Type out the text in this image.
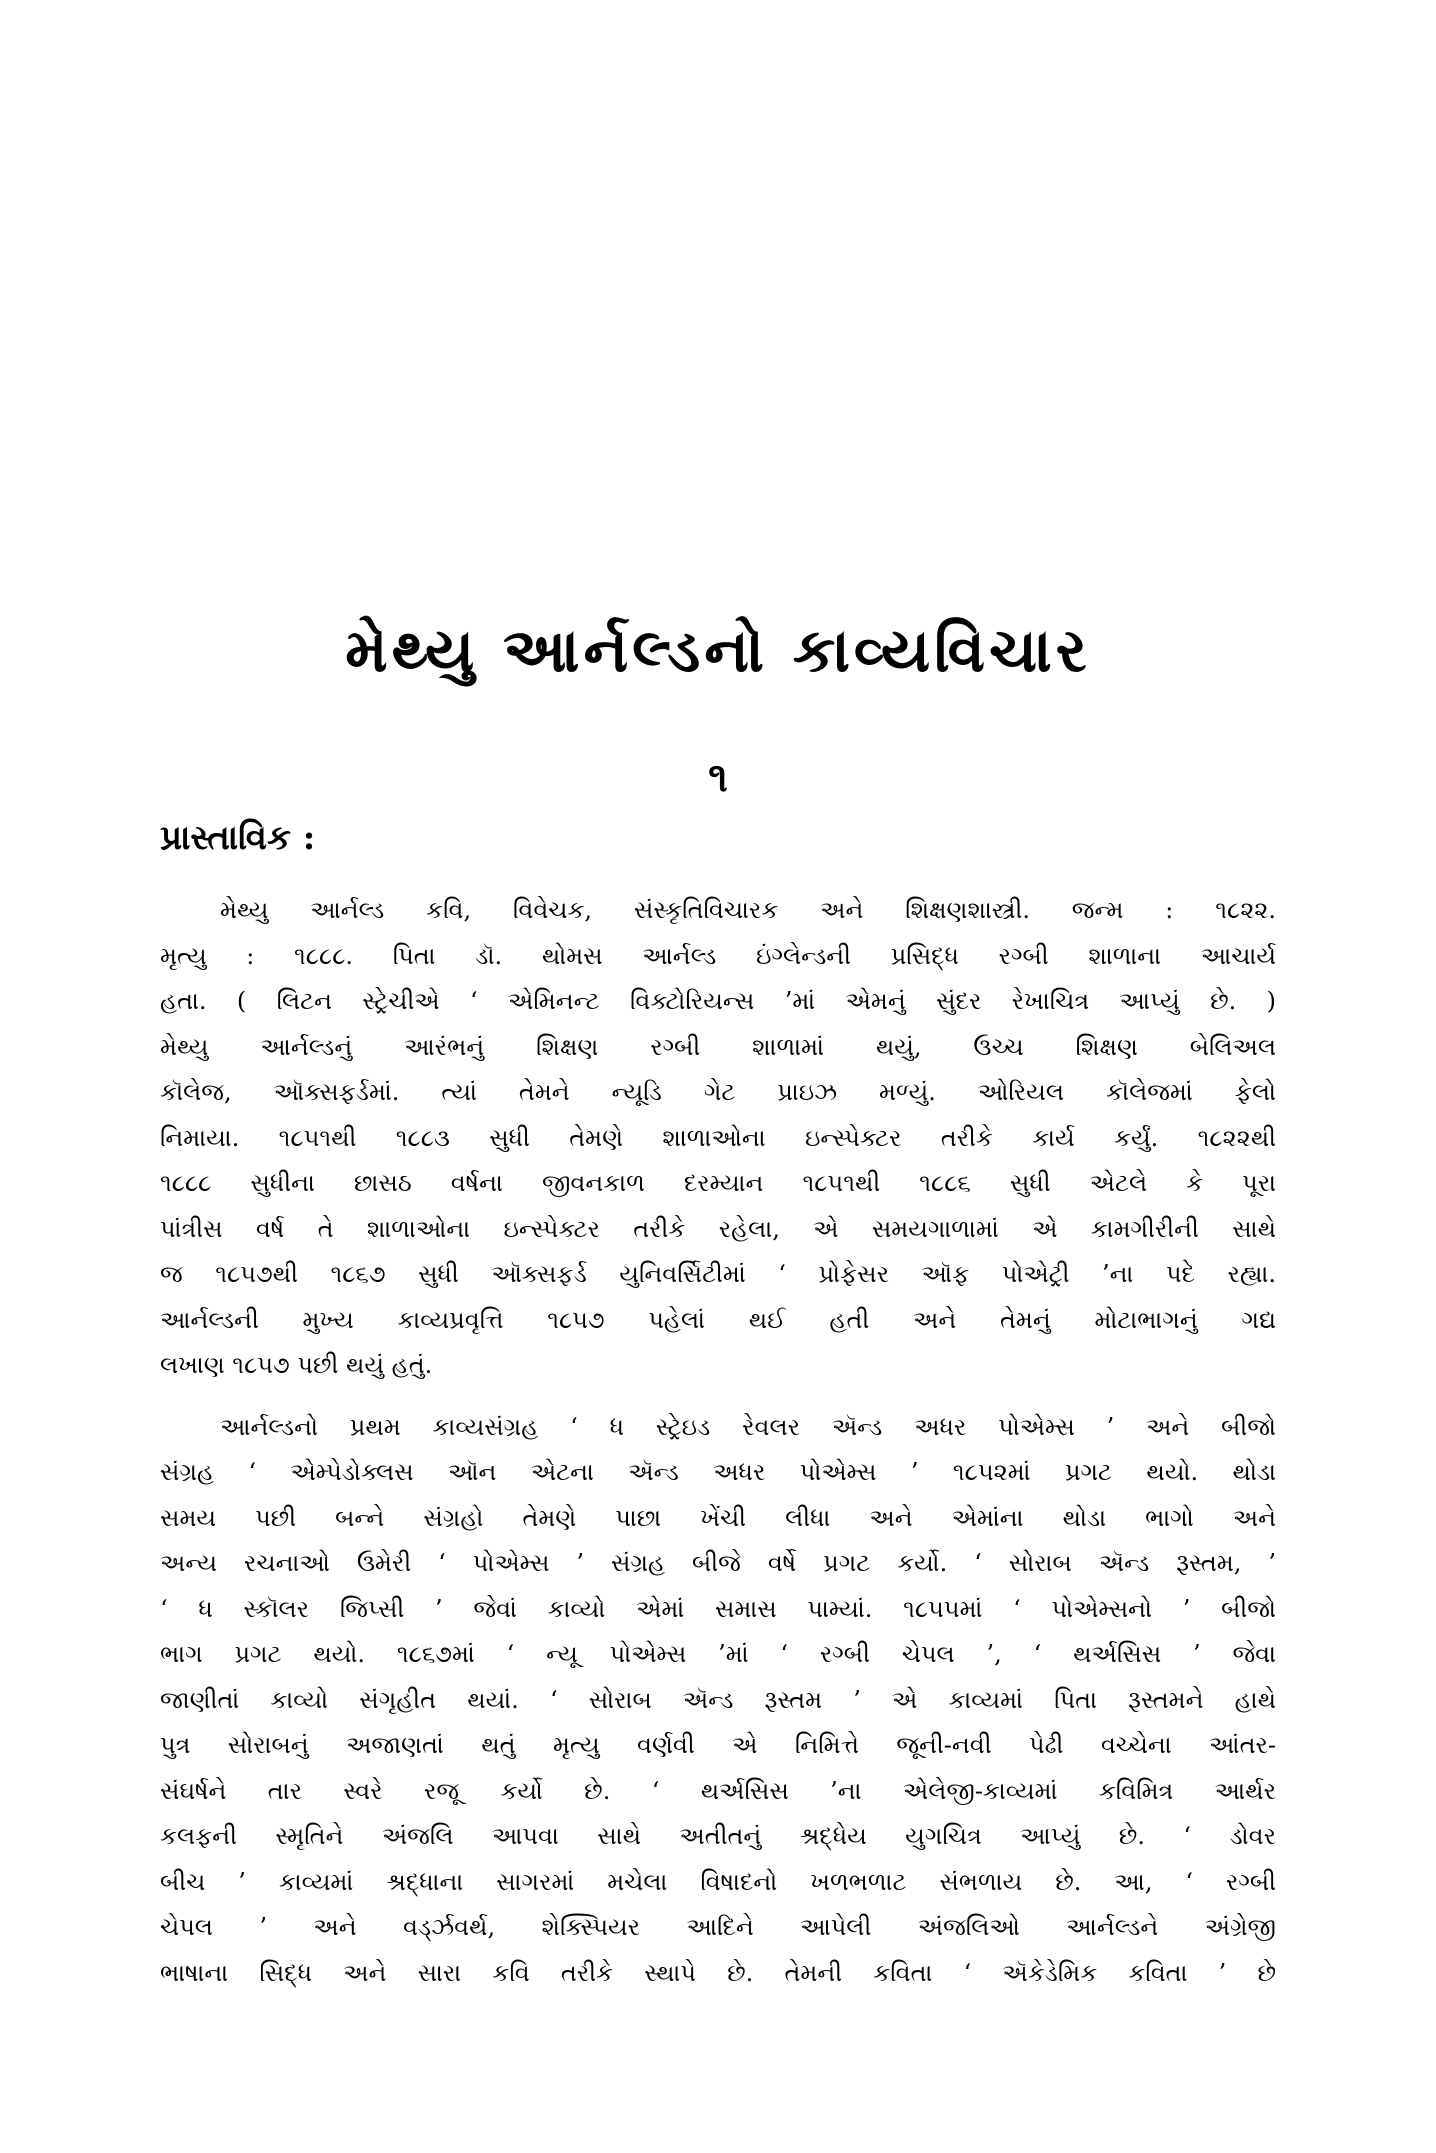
મેથ્યુ આર્નલ્ડનો કાવ્યવિચાર
૧
પ્રાસ્તાવિક :
મેથ્યુ આર્નલ્ડ કવિ, વિવેચક, સંસ્કૃતિવિચારક અને શિક્ષણશાસ્ત્રી. જન્મ : ૧૮૨૨.
મૃત્યુ : ૧૮૮૮. પિતા ડૉ. થોમસ આર્નલ્ડ ઇંગ્લેન્ડની પ્રસિદ્ધ રગ્બી શાળાના આચાર્ય
હતા. ( લિટન સ્ટ્રેચીએ ‘ એમિનન્ટ વિક્ટોરિયન્સ ’માં એમનું સુંદર રેખાચિત્ર આપ્યું છે. )
મેથ્યુ આર્નલ્ડનું આરંભનું શિક્ષણ રગ્બી શાળામાં થયું, ઉચ્ચ શિક્ષણ બેલિઅલ
કૉલેજ, ઑક્સફર્ડમાં. ત્યાં તેમને ન્યૂડિ ગેટ પ્રાઇઝ મળ્યું. ઓરિયલ કૉલેજમાં ફેલો
નિમાયા. ૧૮૫૧થી ૧૮૮૩ સુધી તેમણે શાળાઓના ઇન્સ્પેક્ટર તરીકે કાર્ય કર્યું. ૧૮૨૨થી
૧૮૮૮ સુધીના છાસઠ વર્ષના જીવનકાળ દરમ્યાન ૧૮૫૧થી ૧૮૮૬ સુધી એટલે કે પૂરા
પાંત્રીસ વર્ષ તે શાળાઓના ઇન્સ્પેક્ટર તરીકે રહેલા, એ સમયગાળામાં એ કામગીરીની સાથે
જ ૧૮૫૭થી ૧૮૬૭ સુધી ઑક્સફર્ડ યુનિવર્સિટીમાં ‘ પ્રોફેસર ઑફ પોએટ્રી ’ના પદે રહ્યા.
આર્નલ્ડની મુખ્ય કાવ્યપ્રવૃત્તિ ૧૮૫૭ પહેલાં થઈ હતી અને તેમનું મોટાભાગનું ગદ્ય
લખાણ ૧૮૫૭ પછી થયું હતું.
આર્નલ્ડનો પ્રથમ કાવ્યસંગ્રહ ‘ ધ સ્ટ્રેઇડ રેવલર ઍન્ડ અધર પોએમ્સ ’ અને બીજો
સંગ્રહ ‘ એમ્પેડોક્લસ ઑન એટના ઍન્ડ અધર પોએમ્સ ’ ૧૮૫૨માં પ્રગટ થયો. થોડા
સમય પછી બન્ને સંગ્રહો તેમણે પાછા ખેંચી લીધા અને એમાંના થોડા ભાગો અને
અન્ય રચનાઓ ઉમેરી ‘ પોએમ્સ ’ સંગ્રહ બીજે વર્ષે પ્રગટ કર્યો. ‘ સોરાબ ઍન્ડ રૂસ્તમ, ’
‘ ધ સ્કૉલર જિપ્સી ’ જેવાં કાવ્યો એમાં સમાસ પામ્યાં. ૧૮૫૫માં ‘ પોએમ્સનો ’ બીજો
ભાગ પ્રગટ થયો. ૧૮૬૭માં ‘ ન્યૂ પોએમ્સ ’માં ‘ રગ્બી ચેપલ ’, ‘ થર્અસિસ ’ જેવા
જાણીતાં કાવ્યો સંગૃહીત થયાં. ‘ સોરાબ ઍન્ડ રૂસ્તમ ’ એ કાવ્યમાં પિતા રૂસ્તમને હાથે
પુત્ર સોરાબનું અજાણતાં થતું મૃત્યુ વર્ણવી એ નિમિત્તે જૂની-નવી પેઢી વચ્ચેના આંતર-
સંઘર્ષને તાર સ્વરે રજૂ કર્યો છે. ‘ થર્અસિસ ’ના એલેજી-કાવ્યમાં કવિમિત્ર આર્થર
કલફની સ્મૃતિને અંજલિ આપવા સાથે અતીતનું શ્રદ્ધેય યુગચિત્ર આપ્યું છે. ‘ ડોવર
બીચ ’ કાવ્યમાં શ્રદ્ધાના સાગરમાં મચેલા વિષાદનો ખળભળાટ સંભળાય છે. આ, ‘ રગ્બી
ચેપલ ’ અને વર્ડ્ઝવર્થ, શેક્સ્પિયર આદિને આપેલી અંજલિઓ આર્નલ્ડને અંગ્રેજી
ભાષાના સિદ્ધ અને સારા કવિ તરીકે સ્થાપે છે. તેમની કવિતા ‘ ઍકેડેમિક કવિતા ’ છે
